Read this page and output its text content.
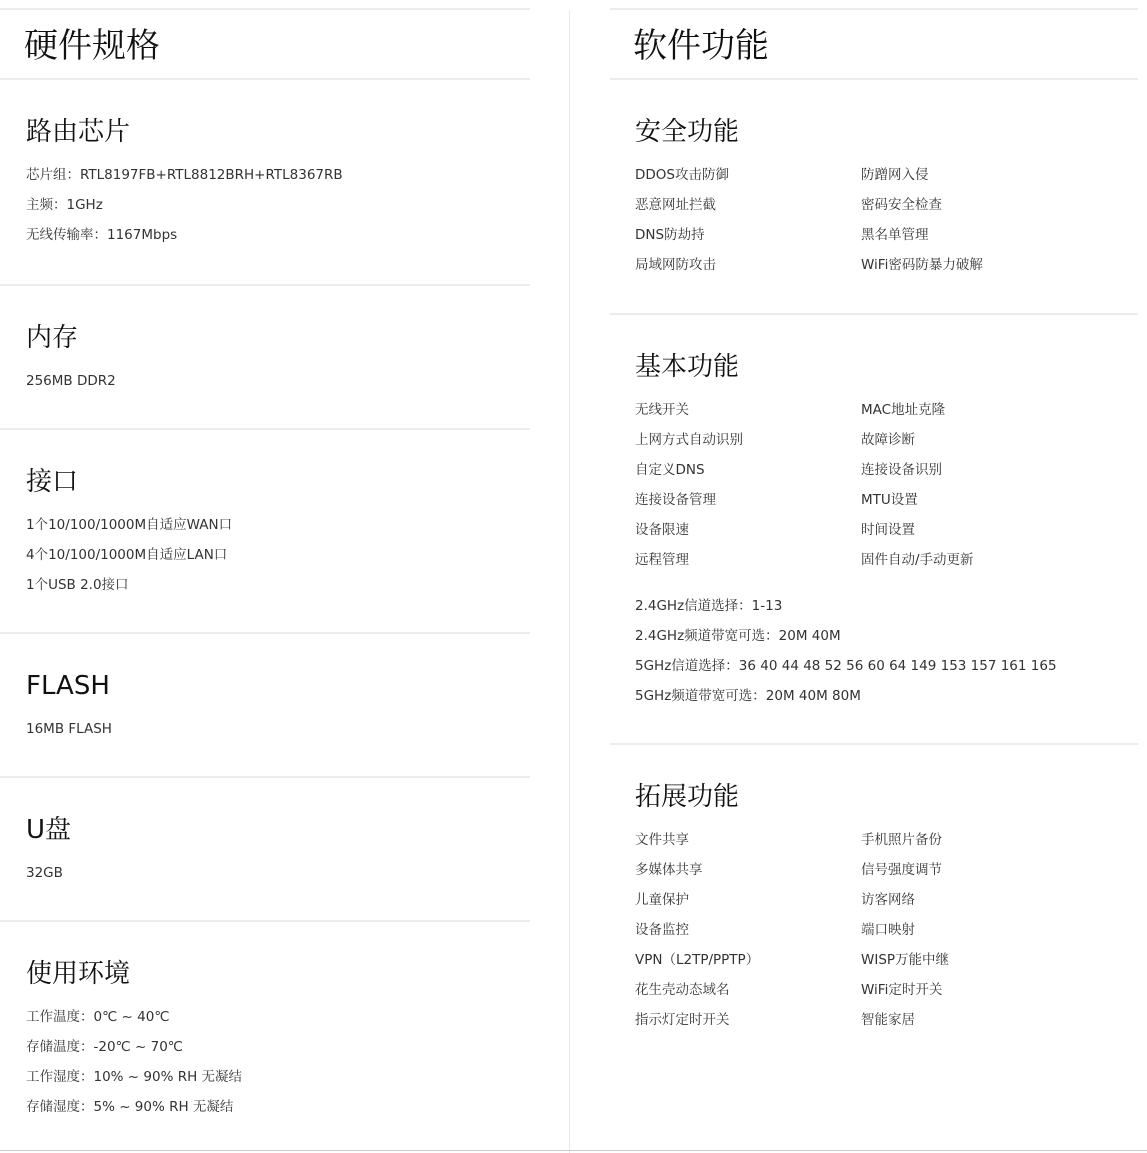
硬件规格
路由芯片
芯片组：RTL8197FB+RTL8812BRH+RTL8367RB
主频：1GHz
无线传输率：1167Mbps
内存
256MB DDR2
接口
1个10/100/1000M自适应WAN口
4个10/100/1000M自适应LAN口
1个USB 2.0接口
FLASH
16MB FLASH
U盘
32GB
使用环境
工作温度：0℃ ~ 40℃
存储温度：-20℃ ~ 70℃
工作湿度：10% ~ 90% RH 无凝结
存储湿度：5% ~ 90% RH 无凝结
软件功能
安全功能
DDOS攻击防御	防蹭网入侵
恶意网址拦截	密码安全检查
DNS防劫持	黑名单管理
局域网防攻击	WiFi密码防暴力破解
基本功能
无线开关	MAC地址克隆
上网方式自动识别	故障诊断
自定义DNS	连接设备识别
连接设备管理	MTU设置
设备限速	时间设置
远程管理	固件自动/手动更新
2.4GHz信道选择：1-13
2.4GHz频道带宽可选：20M 40M
5GHz信道选择：36 40 44 48 52 56 60 64 149 153 157 161 165
5GHz频道带宽可选：20M 40M 80M
拓展功能
文件共享	手机照片备份
多媒体共享	信号强度调节
儿童保护	访客网络
设备监控	端口映射
VPN（L2TP/PPTP）	WISP万能中继
花生壳动态域名	WiFi定时开关
指示灯定时开关	智能家居
